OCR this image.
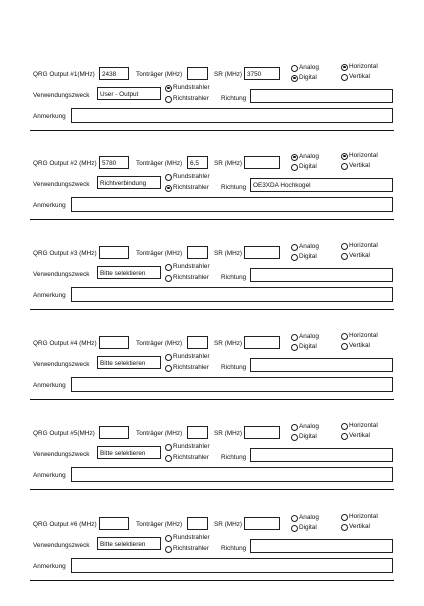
QRG Output #1(MHz)	2438	Tonträger (MHz)	SR (MHz) 3750
Analog
Digital
Horizontal
Vertikal
Verwendungszweck	User - Output
Rundstrahler
Richtstrahler Richtung
Anmerkung
QRG Output #2 (MHz) 5780	Tonträger (MHz)	6,5	SR (MHz)
Analog
Digital
Horizontal
Vertikal
Verwendungszweck	Richtverbindung
Rundstrahler
Richtstrahler Richtung	OE3XDA Hochkogel
Anmerkung
QRG Output #3 (MHz)	Tonträger (MHz)	SR (MHz)
Analog
Digital
Horizontal
Vertikal
Verwendungszweck	Bitte selektieren
Rundstrahler
Richtstrahler Richtung
Anmerkung
QRG Output #4 (MHz)	Tonträger (MHz)	SR (MHz)
Analog
Digital
Horizontal
Vertikal
Verwendungszweck	Bitte selektieren
Rundstrahler
Richtstrahler Richtung
Anmerkung
QRG Output #5(MHz)	Tonträger (MHz)	SR (MHz)
Analog
Digital
Horizontal
Vertikal
Verwendungszweck	Bitte selektieren
Rundstrahler
Richtstrahler Richtung
Anmerkung
QRG Output #6 (MHz)	Tonträger (MHz)	SR (MHz)
Analog
Digital
Horizontal
Vertikal
Verwendungszweck	Bitte selektieren
Rundstrahler
Richtstrahler Richtung
Anmerkung
